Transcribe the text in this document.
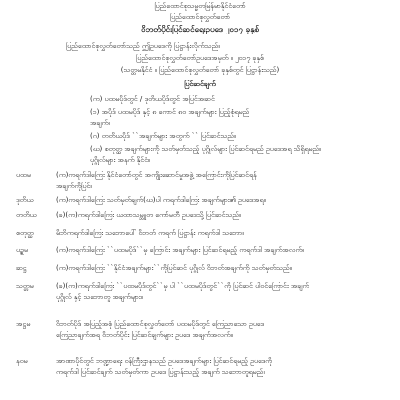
ပြည်ထောင်စုသမ္မတမြန်မာနိုင်ငံတော်
ပြည်ထောင်စုလွှတ်တော်
ဝိဘတ်ပိုင်းပြင်ဆင်ရေးဥပဒေ ၂၀၁၇ ခုနှစ်
ပြည်ထောင်စုလွှတ်တော်သည် ဤဥပဒေကို ပြဋ္ဌာန်းလိုက်သည်။
ပြည်ထောင်စုလွှတ်တော်ဥပဒေအမှတ် ။ ၂၀၁၇ ခုနှစ်
(သတ္တမနိုင်ငံ ။ ပြည်ထောင်စုလွှတ်တော် ခုနှစ်တွင် ပြဋ္ဌာန်းသည်)
ပြင်ဆင်ချက်
(က) ပထမပိုဒ်တွင် / ဒုတိယပိုဒ်တွင် အပြင်အဆင်
(၁) အပိုဒ် ပထမပိုဒ် နှင့် ၈ ကောင် ၈၀ အချက်များ ပြည့်စုံရမည်
အချက်။
(ဂ) တတိယပိုဒ် ``အချက်များ အတွက် `` ပြင်ဆင်သည်။
(ဃ) စတုတ္ထ အချက်များကို သတ်မှတ်သည့် ပုဂ္ဂိုလ်များ ပြင်ဆင်ရမည် ဥပဒေအရ သိရှိရမည်။
ပုဂ္ဂိုလ်များ အနက် နိုင်ငံ။
ပထမ	(က)ကရက်ဒါကြေး နိုင်ငံတော်တွင် အကျိုးဆောင်မှုအဖွဲ့ အကြောင်းကိုပြင်ဆင်ရန်
အချက်ကိုပြင်။
ဒုတိယ	(က)ကရက်ဒါကြေး သတ်မှတ်ချက်(ဃ)ပါ ကရက်ဒါကြေး အချက်များ၏ ဥပဒေအရ။
တတိယ	(ခ)(က)ကရက်ဒါကြေး ယထာသမ္ဘူတ ကော်မတီ ဥပဒေသို့ ပြင်ဆင်သည်။
စတုတ္ထ	မိဘိကရက်ဒါကြေး သဘောပေါ် ဝိဘတ် ကရက် ပြဋ္ဌာန်း ကရက်ဒါ သဘော။
ပဉ္စမ	(က)ကရက်ဒါကြေး ``ပထမပိုဒ်``မှ ကြောင်း အချက်များ ပြင်ဆင်ရမည့် ကရက်ဒါ အချက်အလက်။
ဆဋ္ဌ	(က)ကရက်ဒါကြေး ``နိုင်ငံအချက်များ``ကိုပြင်ဆင် ပုဂ္ဂိုလ် ဝိဘတ်အချက်ကို သတ်မှတ်သည်။
သတ္တမ	(ခ)(က)ကရက်ဒါကြေး ``ပထမပိုဒ်တွင်``မှ ပါ ``ပထမပိုဒ်တွင်``ကို ပြင်ဆင် ပါဝင်ကြောင်း အချက်
ပုဂ္ဂိုလ် နှင့် သဘောတူ အချက်များ။
အဋ္ဌမ	ဝိဘတ်ပိုဒ် အပြည့်အစုံ ပြည်ထောင်စုလွှတ်တော် ပထမပိုဒ်တွင် ကြေညာသော ဥပဒေ
ကြေညာချက်အရ ဝိဘတ်ပိုင်း ပြင်ဆင်ချက်များ ဥပဒေ အချက်အလက်။
နဝမ	အာဏာပိုင်တွင် ဘဏ္ဍာရေး ဝန်ကြီးဌာနသည် ဥပဒေအချက်များ ပြင်ဆင်ရမည့် ဥပဒေကို
ကရက်ဒါ ပြင်ဆင်ချက် သတ်မှတ်ကာ ဥပဒေ ပြဋ္ဌာန်းသည့် အချက် သဘောတူရမည်။
